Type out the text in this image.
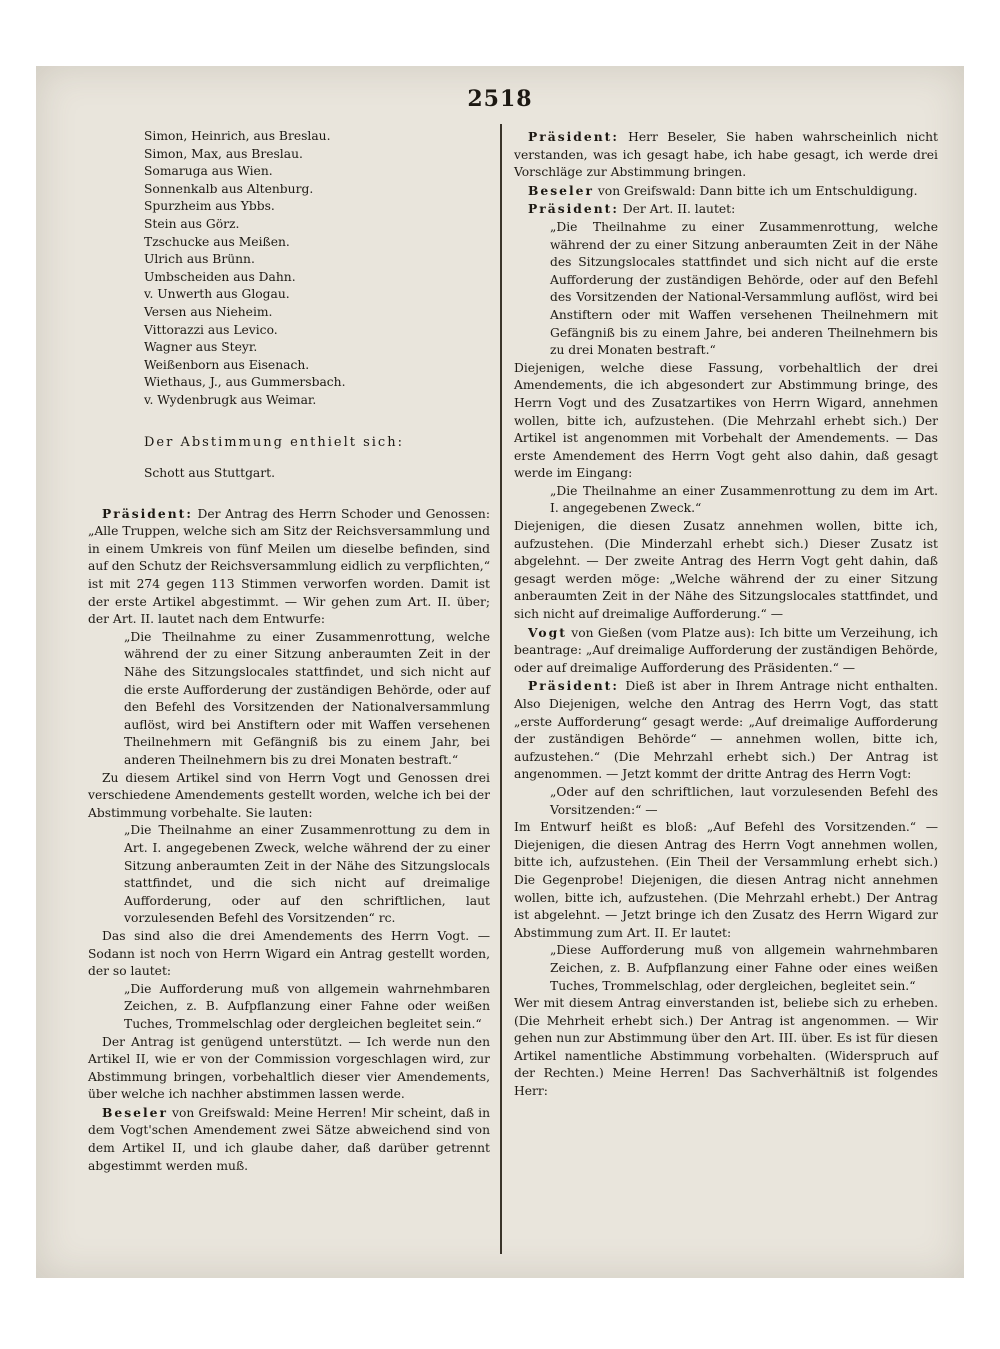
2518
Simon, Heinrich, aus Breslau.
Simon, Max, aus Breslau.
Somaruga aus Wien.
Sonnenkalb aus Altenburg.
Spurzheim aus Ybbs.
Stein aus Görz.
Tzschucke aus Meißen.
Ulrich aus Brünn.
Umbscheiden aus Dahn.
v. Unwerth aus Glogau.
Versen aus Nieheim.
Vittorazzi aus Levico.
Wagner aus Steyr.
Weißenborn aus Eisenach.
Wiethaus, J., aus Gummersbach.
v. Wydenbrugk aus Weimar.
Der Abstimmung enthielt sich:
Schott aus Stuttgart.

Präsident: Der Antrag des Herrn Schoder und Genossen: „Alle Truppen, welche sich am Sitz der Reichsversammlung und in einem Umkreis von fünf Meilen um dieselbe befinden, sind auf den Schutz der Reichsversammlung eidlich zu verpflichten,“ ist mit 274 gegen 113 Stimmen verworfen worden. Damit ist der erste Artikel abgestimmt. — Wir gehen zum Art. II. über; der Art. II. lautet nach dem Entwurfe:

„Die Theilnahme zu einer Zusammenrottung, welche während der zu einer Sitzung anberaumten Zeit in der Nähe des Sitzungslocales stattfindet, und sich nicht auf die erste Aufforderung der zuständigen Behörde, oder auf den Befehl des Vorsitzenden der Nationalversammlung auflöst, wird bei Anstiftern oder mit Waffen versehenen Theilnehmern mit Gefängniß bis zu einem Jahr, bei anderen Theilnehmern bis zu drei Monaten bestraft.“

Zu diesem Artikel sind von Herrn Vogt und Genossen drei verschiedene Amendements gestellt worden, welche ich bei der Abstimmung vorbehalte. Sie lauten:

„Die Theilnahme an einer Zusammenrottung zu dem in Art. I. angegebenen Zweck, welche während der zu einer Sitzung anberaumten Zeit in der Nähe des Sitzungslocals stattfindet, und die sich nicht auf dreimalige Aufforderung, oder auf den schriftlichen, laut vorzulesenden Befehl des Vorsitzenden“ rc.

Das sind also die drei Amendements des Herrn Vogt. — Sodann ist noch von Herrn Wigard ein Antrag gestellt worden, der so lautet:

„Die Aufforderung muß von allgemein wahrnehmbaren Zeichen, z. B. Aufpflanzung einer Fahne oder weißen Tuches, Trommelschlag oder dergleichen begleitet sein.“

Der Antrag ist genügend unterstützt. — Ich werde nun den Artikel II, wie er von der Commission vorgeschlagen wird, zur Abstimmung bringen, vorbehaltlich dieser vier Amendements, über welche ich nachher abstimmen lassen werde.

Beseler von Greifswald: Meine Herren! Mir scheint, daß in dem Vogt'schen Amendement zwei Sätze abweichend sind von dem Artikel II, und ich glaube daher, daß darüber getrennt abgestimmt werden muß.

Präsident: Herr Beseler, Sie haben wahrscheinlich nicht verstanden, was ich gesagt habe, ich habe gesagt, ich werde drei Vorschläge zur Abstimmung bringen.

Beseler von Greifswald: Dann bitte ich um Entschuldigung.

Präsident: Der Art. II. lautet:

„Die Theilnahme zu einer Zusammenrottung, welche während der zu einer Sitzung anberaumten Zeit in der Nähe des Sitzungslocales stattfindet und sich nicht auf die erste Aufforderung der zuständigen Behörde, oder auf den Befehl des Vorsitzenden der National-Versammlung auflöst, wird bei Anstiftern oder mit Waffen versehenen Theilnehmern mit Gefängniß bis zu einem Jahre, bei anderen Theilnehmern bis zu drei Monaten bestraft.“

Diejenigen, welche diese Fassung, vorbehaltlich der drei Amendements, die ich abgesondert zur Abstimmung bringe, des Herrn Vogt und des Zusatzartikes von Herrn Wigard, annehmen wollen, bitte ich, aufzustehen. (Die Mehrzahl erhebt sich.) Der Artikel ist angenommen mit Vorbehalt der Amendements. — Das erste Amendement des Herrn Vogt geht also dahin, daß gesagt werde im Eingang:

„Die Theilnahme an einer Zusammenrottung zu dem im Art. I. angegebenen Zweck.“

Diejenigen, die diesen Zusatz annehmen wollen, bitte ich, aufzustehen. (Die Minderzahl erhebt sich.) Dieser Zusatz ist abgelehnt. — Der zweite Antrag des Herrn Vogt geht dahin, daß gesagt werden möge: „Welche während der zu einer Sitzung anberaumten Zeit in der Nähe des Sitzungslocales stattfindet, und sich nicht auf dreimalige Aufforderung.“ —

Vogt von Gießen (vom Platze aus): Ich bitte um Verzeihung, ich beantrage: „Auf dreimalige Aufforderung der zuständigen Behörde, oder auf dreimalige Aufforderung des Präsidenten.“ —

Präsident: Dieß ist aber in Ihrem Antrage nicht enthalten. Also Diejenigen, welche den Antrag des Herrn Vogt, das statt „erste Aufforderung“ gesagt werde: „Auf dreimalige Aufforderung der zuständigen Behörde“ — annehmen wollen, bitte ich, aufzustehen.“ (Die Mehrzahl erhebt sich.) Der Antrag ist angenommen. — Jetzt kommt der dritte Antrag des Herrn Vogt:

„Oder auf den schriftlichen, laut vorzulesenden Befehl des Vorsitzenden:“ —

Im Entwurf heißt es bloß: „Auf Befehl des Vorsitzenden.“ — Diejenigen, die diesen Antrag des Herrn Vogt annehmen wollen, bitte ich, aufzustehen. (Ein Theil der Versammlung erhebt sich.) Die Gegenprobe! Diejenigen, die diesen Antrag nicht annehmen wollen, bitte ich, aufzustehen. (Die Mehrzahl erhebt.) Der Antrag ist abgelehnt. — Jetzt bringe ich den Zusatz des Herrn Wigard zur Abstimmung zum Art. II. Er lautet:

„Diese Aufforderung muß von allgemein wahrnehmbaren Zeichen, z. B. Aufpflanzung einer Fahne oder eines weißen Tuches, Trommelschlag, oder dergleichen, begleitet sein.“

Wer mit diesem Antrag einverstanden ist, beliebe sich zu erheben. (Die Mehrheit erhebt sich.) Der Antrag ist angenommen. — Wir gehen nun zur Abstimmung über den Art. III. über. Es ist für diesen Artikel namentliche Abstimmung vorbehalten. (Widerspruch auf der Rechten.) Meine Herren! Das Sachverhältniß ist folgendes Herr:
